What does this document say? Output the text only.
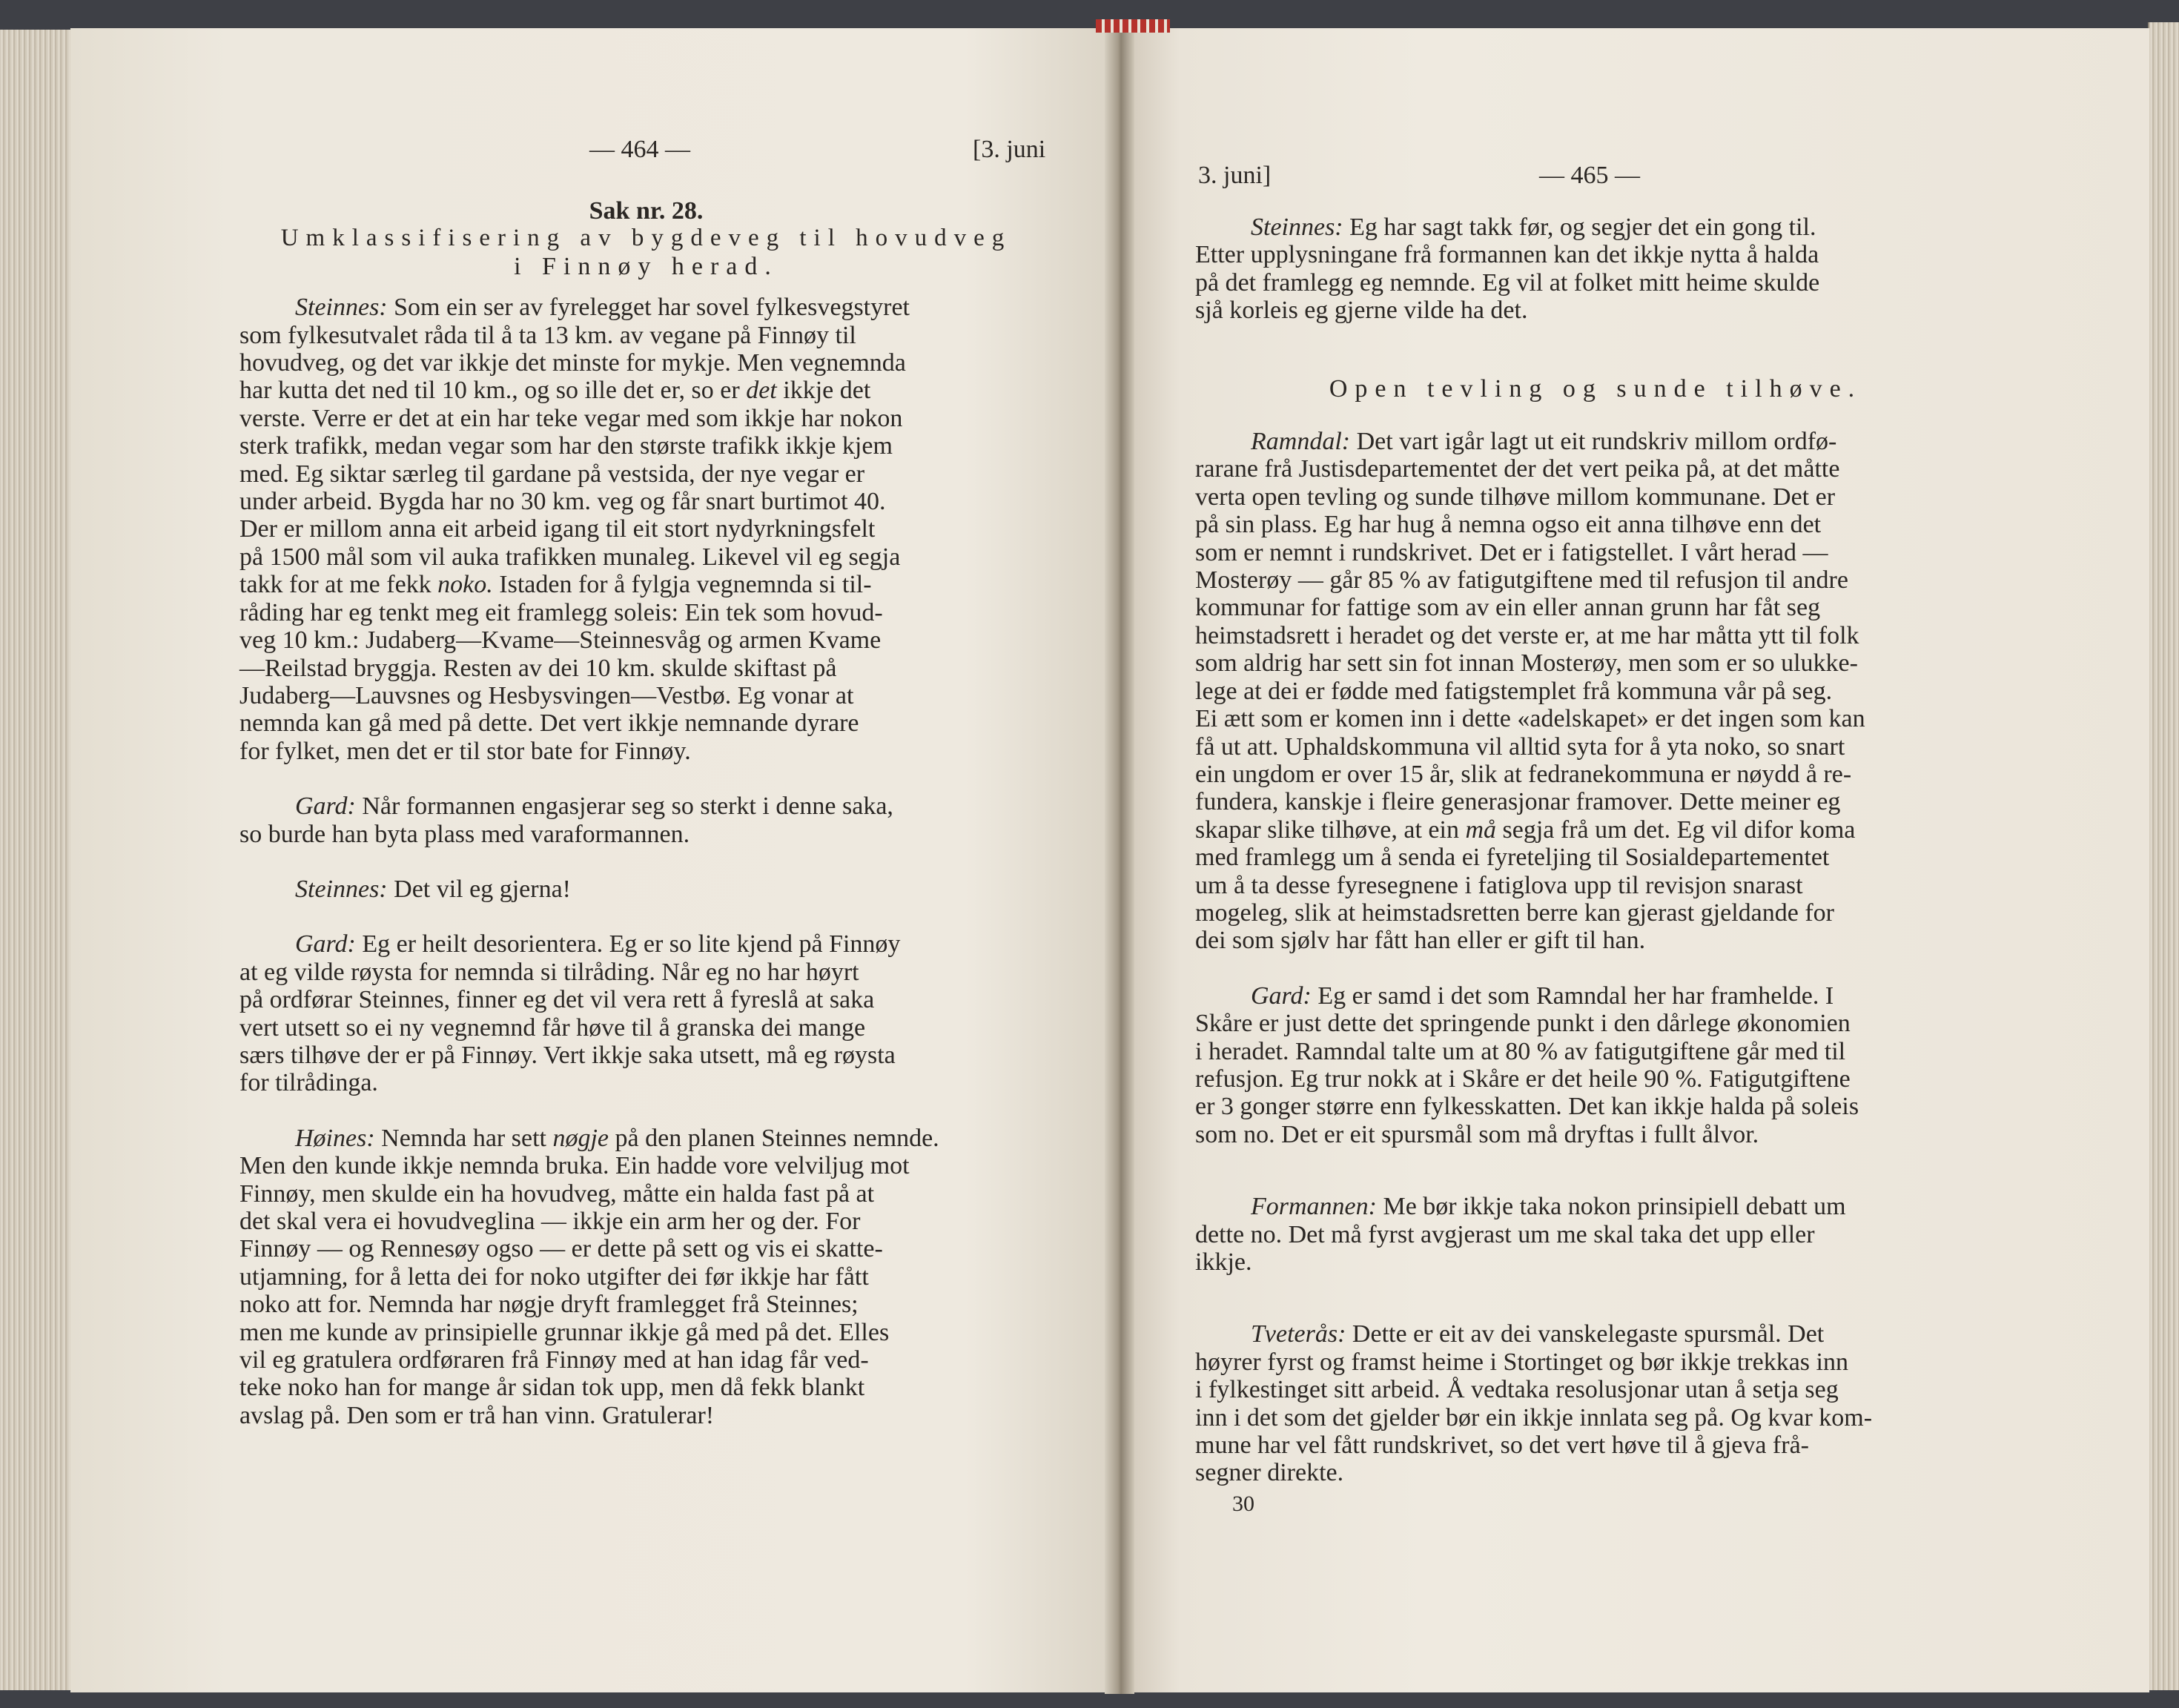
— 464 —	[3. juni

Sak nr. 28.

Umklassifisering av bygdeveg til hovudveg

i Finnøy herad.

Steinnes: Som ein ser av fyrelegget har sovel fylkesvegstyret

som fylkesutvalet råda til å ta 13 km. av vegane på Finnøy til

hovudveg, og det var ikkje det minste for mykje. Men vegnemnda

har kutta det ned til 10 km., og so ille det er, so er det ikkje det

verste. Verre er det at ein har teke vegar med som ikkje har nokon

sterk trafikk, medan vegar som har den største trafikk ikkje kjem

med. Eg siktar særleg til gardane på vestsida, der nye vegar er

under arbeid. Bygda har no 30 km. veg og får snart burtimot 40.

Der er millom anna eit arbeid igang til eit stort nydyrkningsfelt

på 1500 mål som vil auka trafikken munaleg. Likevel vil eg segja

takk for at me fekk noko. Istaden for å fylgja vegnemnda si til-

råding har eg tenkt meg eit framlegg soleis: Ein tek som hovud-

veg 10 km.: Judaberg—Kvame—Steinnesvåg og armen Kvame

—Reilstad bryggja. Resten av dei 10 km. skulde skiftast på

Judaberg—Lauvsnes og Hesbysvingen—Vestbø. Eg vonar at

nemnda kan gå med på dette. Det vert ikkje nemnande dyrare

for fylket, men det er til stor bate for Finnøy.

Gard: Når formannen engasjerar seg so sterkt i denne saka,

so burde han byta plass med varaformannen.

Steinnes: Det vil eg gjerna!

Gard: Eg er heilt desorientera. Eg er so lite kjend på Finnøy

at eg vilde røysta for nemnda si tilråding. Når eg no har høyrt

på ordførar Steinnes, finner eg det vil vera rett å fyreslå at saka

vert utsett so ei ny vegnemnd får høve til å granska dei mange

særs tilhøve der er på Finnøy. Vert ikkje saka utsett, må eg røysta

for tilrådinga.

Høines: Nemnda har sett nøgje på den planen Steinnes nemnde.

Men den kunde ikkje nemnda bruka. Ein hadde vore velviljug mot

Finnøy, men skulde ein ha hovudveg, måtte ein halda fast på at

det skal vera ei hovudveglina — ikkje ein arm her og der. For

Finnøy — og Rennesøy ogso — er dette på sett og vis ei skatte-

utjamning, for å letta dei for noko utgifter dei før ikkje har fått

noko att for. Nemnda har nøgje dryft framlegget frå Steinnes;

men me kunde av prinsipielle grunnar ikkje gå med på det. Elles

vil eg gratulera ordføraren frå Finnøy med at han idag får ved-

teke noko han for mange år sidan tok upp, men då fekk blankt

avslag på. Den som er trå han vinn. Gratulerar!

3. juni]	— 465 —

Steinnes: Eg har sagt takk før, og segjer det ein gong til.

Etter upplysningane frå formannen kan det ikkje nytta å halda

på det framlegg eg nemnde. Eg vil at folket mitt heime skulde

sjå korleis eg gjerne vilde ha det.

Open tevling og sunde tilhøve.

Ramndal: Det vart igår lagt ut eit rundskriv millom ordfø-

rarane frå Justisdepartementet der det vert peika på, at det måtte

verta open tevling og sunde tilhøve millom kommunane. Det er

på sin plass. Eg har hug å nemna ogso eit anna tilhøve enn det

som er nemnt i rundskrivet. Det er i fatigstellet. I vårt herad —

Mosterøy — går 85 % av fatigutgiftene med til refusjon til andre

kommunar for fattige som av ein eller annan grunn har fåt seg

heimstadsrett i heradet og det verste er, at me har måtta ytt til folk

som aldrig har sett sin fot innan Mosterøy, men som er so ulukke-

lege at dei er fødde med fatigstemplet frå kommuna vår på seg.

Ei ætt som er komen inn i dette «adelskapet» er det ingen som kan

få ut att. Uphaldskommuna vil alltid syta for å yta noko, so snart

ein ungdom er over 15 år, slik at fedranekommuna er nøydd å re-

fundera, kanskje i fleire generasjonar framover. Dette meiner eg

skapar slike tilhøve, at ein må segja frå um det. Eg vil difor koma

med framlegg um å senda ei fyretelјing til Sosialdepartementet

um å ta desse fyresegnene i fatiglova upp til revisjon snarast

mogeleg, slik at heimstadsretten berre kan gjerast gjeldande for

dei som sjølv har fått han eller er gift til han.

Gard: Eg er samd i det som Ramndal her har framhelde. I

Skåre er just dette det springende punkt i den dårlege økonomien

i heradet. Ramndal talte um at 80 % av fatigutgiftene går med til

refusjon. Eg trur nokk at i Skåre er det heile 90 %. Fatigutgiftene

er 3 gonger større enn fylkesskatten. Det kan ikkje halda på soleis

som no. Det er eit spursmål som må dryftas i fullt ålvor.

Formannen: Me bør ikkje taka nokon prinsipiell debatt um

dette no. Det må fyrst avgjerast um me skal taka det upp eller

ikkje.

Tveterås: Dette er eit av dei vanskelegaste spursmål. Det

høyrer fyrst og framst heime i Stortinget og bør ikkje trekkas inn

i fylkestinget sitt arbeid. Å vedtaka resolusjonar utan å setja seg

inn i det som det gjelder bør ein ikkje innlata seg på. Og kvar kom-

mune har vel fått rundskrivet, so det vert høve til å gjeva frå-

segner direkte.

30
